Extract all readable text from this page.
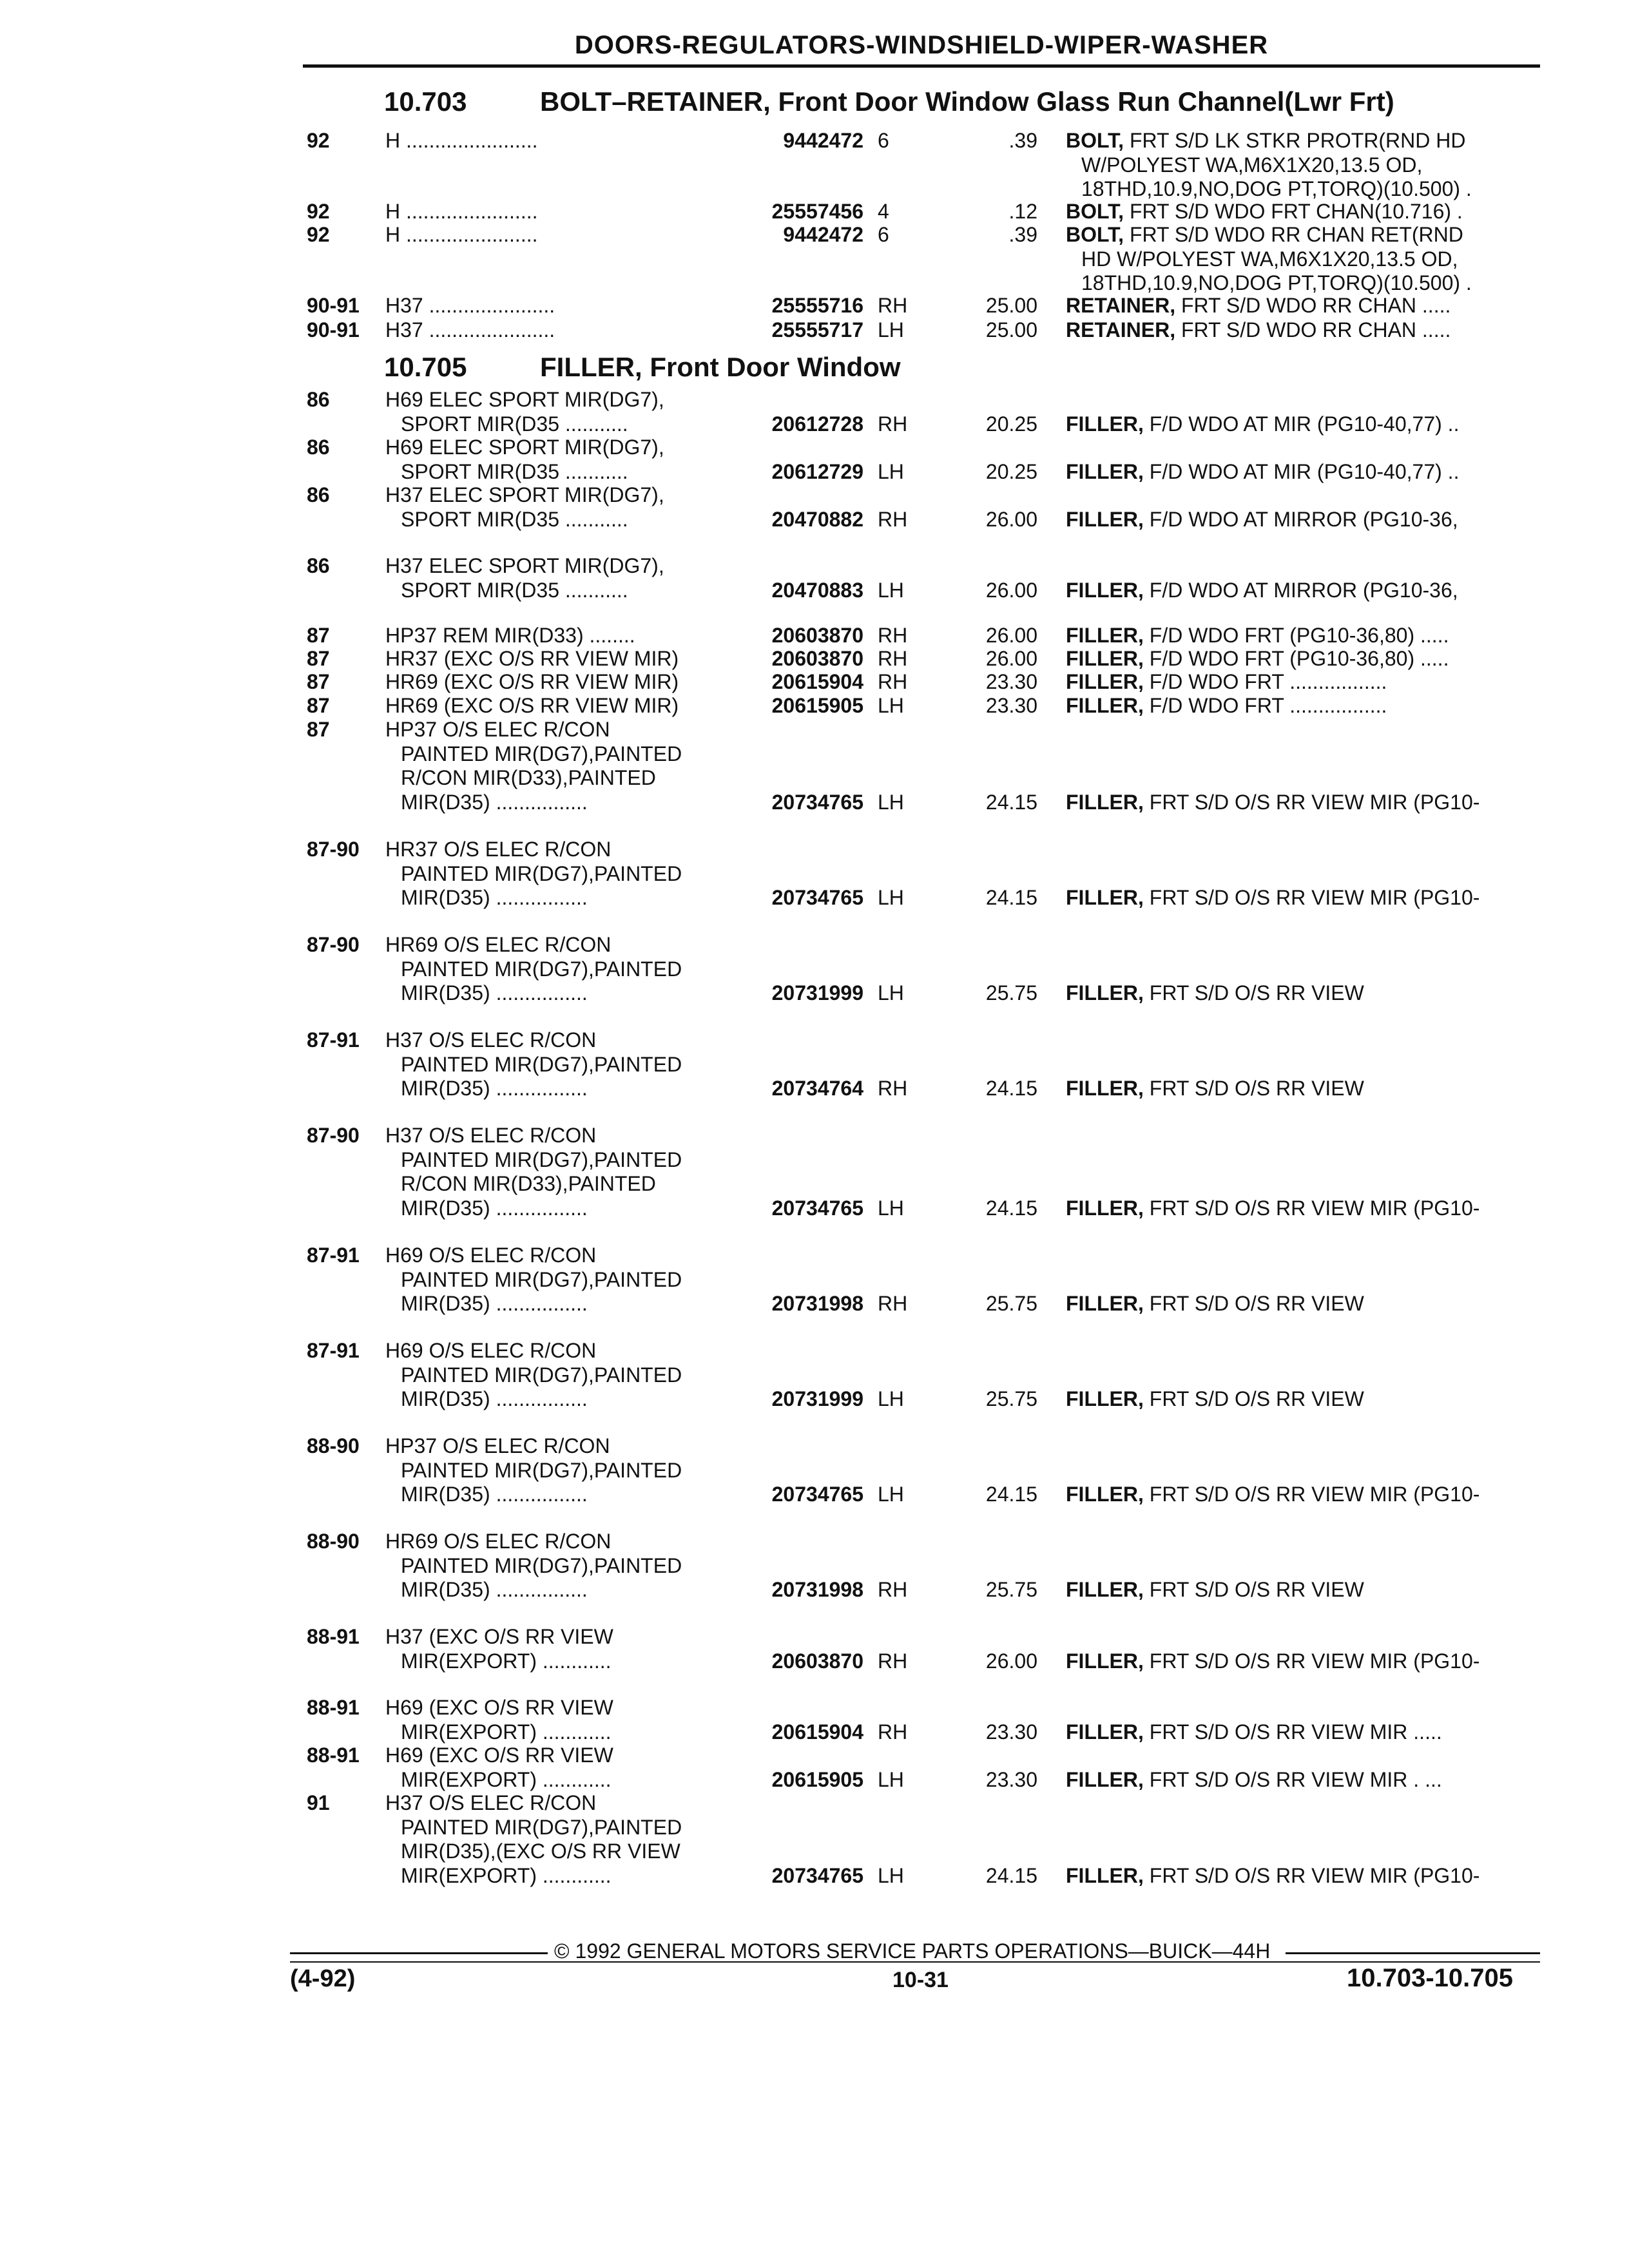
DOORS-REGULATORS-WINDSHIELD-WIPER-WASHER
10.703	BOLT–RETAINER, Front Door Window Glass Run Channel(Lwr Frt)
10.705	FILLER, Front Door Window
92	H .......................	9442472 6	.39 BOLT, FRT S/D LK STKR PROTR(RND HD
W/POLYEST WA,M6X1X20,13.5 OD,
18THD,10.9,NO,DOG PT,TORQ)(10.500) .
92	H .......................	25557456 4	.12 BOLT, FRT S/D WDO FRT CHAN(10.716) .
92	H .......................	9442472 6	.39 BOLT, FRT S/D WDO RR CHAN RET(RND
HD W/POLYEST WA,M6X1X20,13.5 OD,
18THD,10.9,NO,DOG PT,TORQ)(10.500) .
90-91 H37 ......................	25555716 RH	25.00 RETAINER, FRT S/D WDO RR CHAN .....
90-91 H37 ......................	25555717 LH	25.00 RETAINER, FRT S/D WDO RR CHAN .....
86	H69 ELEC SPORT MIR(DG7),
SPORT MIR(D35 ...........	20612728 RH	20.25 FILLER, F/D WDO AT MIR (PG10-40,77) ..
86	H69 ELEC SPORT MIR(DG7),
SPORT MIR(D35 ...........	20612729 LH	20.25 FILLER, F/D WDO AT MIR (PG10-40,77) ..
86	H37 ELEC SPORT MIR(DG7),
SPORT MIR(D35 ...........	20470882 RH	26.00 FILLER, F/D WDO AT MIRROR (PG10-36,
86	H37 ELEC SPORT MIR(DG7),
SPORT MIR(D35 ...........	20470883 LH	26.00 FILLER, F/D WDO AT MIRROR (PG10-36,
87	HP37 REM MIR(D33) ........	20603870 RH	26.00 FILLER, F/D WDO FRT (PG10-36,80) .....
87	HR37 (EXC O/S RR VIEW MIR)	20603870 RH	26.00 FILLER, F/D WDO FRT (PG10-36,80) .....
87	HR69 (EXC O/S RR VIEW MIR)	20615904 RH	23.30 FILLER, F/D WDO FRT .................
87	HR69 (EXC O/S RR VIEW MIR)	20615905 LH	23.30 FILLER, F/D WDO FRT .................
87	HP37 O/S ELEC R/CON
PAINTED MIR(DG7),PAINTED
R/CON MIR(D33),PAINTED
MIR(D35) ................	20734765 LH	24.15 FILLER, FRT S/D O/S RR VIEW MIR (PG10-
87-90 HR37 O/S ELEC R/CON
PAINTED MIR(DG7),PAINTED
MIR(D35) ................	20734765 LH	24.15 FILLER, FRT S/D O/S RR VIEW MIR (PG10-
87-90 HR69 O/S ELEC R/CON
PAINTED MIR(DG7),PAINTED
MIR(D35) ................	20731999 LH	25.75 FILLER, FRT S/D O/S RR VIEW
87-91 H37 O/S ELEC R/CON
PAINTED MIR(DG7),PAINTED
MIR(D35) ................	20734764 RH	24.15 FILLER, FRT S/D O/S RR VIEW
87-90 H37 O/S ELEC R/CON
PAINTED MIR(DG7),PAINTED
R/CON MIR(D33),PAINTED
MIR(D35) ................	20734765 LH	24.15 FILLER, FRT S/D O/S RR VIEW MIR (PG10-
87-91 H69 O/S ELEC R/CON
PAINTED MIR(DG7),PAINTED
MIR(D35) ................	20731998 RH	25.75 FILLER, FRT S/D O/S RR VIEW
87-91 H69 O/S ELEC R/CON
PAINTED MIR(DG7),PAINTED
MIR(D35) ................	20731999 LH	25.75 FILLER, FRT S/D O/S RR VIEW
88-90 HP37 O/S ELEC R/CON
PAINTED MIR(DG7),PAINTED
MIR(D35) ................	20734765 LH	24.15 FILLER, FRT S/D O/S RR VIEW MIR (PG10-
88-90 HR69 O/S ELEC R/CON
PAINTED MIR(DG7),PAINTED
MIR(D35) ................	20731998 RH	25.75 FILLER, FRT S/D O/S RR VIEW
88-91 H37 (EXC O/S RR VIEW
MIR(EXPORT) ............	20603870 RH	26.00 FILLER, FRT S/D O/S RR VIEW MIR (PG10-
88-91 H69 (EXC O/S RR VIEW
MIR(EXPORT) ............	20615904 RH	23.30 FILLER, FRT S/D O/S RR VIEW MIR .....
88-91 H69 (EXC O/S RR VIEW
MIR(EXPORT) ............	20615905 LH	23.30 FILLER, FRT S/D O/S RR VIEW MIR . ...
91	H37 O/S ELEC R/CON
PAINTED MIR(DG7),PAINTED
MIR(D35),(EXC O/S RR VIEW
MIR(EXPORT) ............	20734765 LH	24.15 FILLER, FRT S/D O/S RR VIEW MIR (PG10-
© 1992 GENERAL MOTORS SERVICE PARTS OPERATIONS—BUICK—44H
(4-92)	10-31	10.703-10.705
